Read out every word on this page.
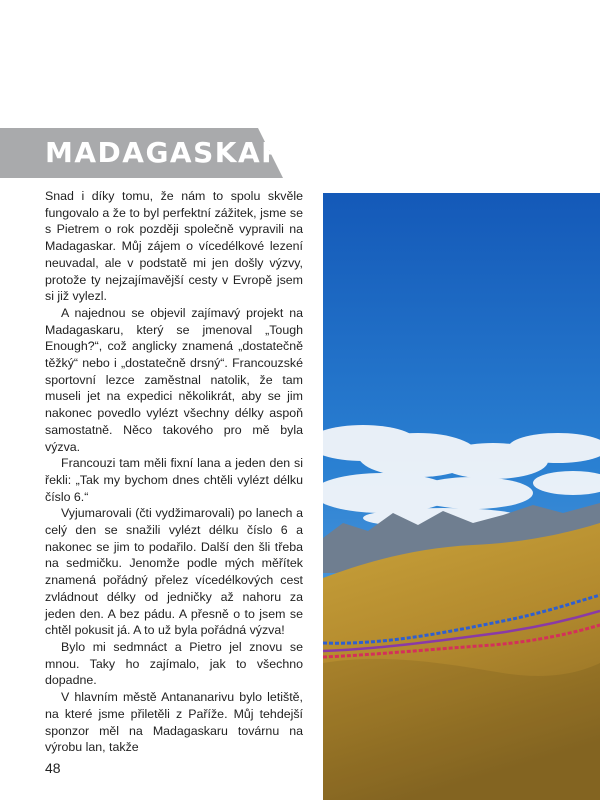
MADAGASKAR

Snad i díky tomu, že nám to spolu skvěle fungovalo a že to byl perfektní zážitek, jsme se s Pietrem o rok později společně vypravili na Madagaskar. Můj zájem o vícedélkové lezení neuvadal, ale v podstatě mi jen došly výzvy, protože ty nejzajímavější cesty v Evropě jsem si již vylezl.

A najednou se objevil zajímavý projekt na Madagaskaru, který se jmenoval „Tough Enough?“, což anglicky znamená „dostatečně těžký“ nebo i „dostatečně drsný“. Francouzské sportovní lezce zaměstnal natolik, že tam museli jet na expedici několikrát, aby se jim nakonec povedlo vylézt všechny délky aspoň samostatně. Něco takového pro mě byla výzva.

Francouzi tam měli fixní lana a jeden den si řekli: „Tak my bychom dnes chtěli vylézt délku číslo 6.“

Vyjumarovali (čti vydžimarovali) po lanech a celý den se snažili vylézt délku číslo 6 a nakonec se jim to podařilo. Další den šli třeba na sedmičku. Jenomže podle mých měřítek znamená pořádný přelez vícedélkových cest zvládnout délky od jedničky až nahoru za jeden den. A bez pádu. A přesně o to jsem se chtěl pokusit já. A to už byla pořádná výzva!

Bylo mi sedmnáct a Pietro jel znovu se mnou. Taky ho zajímalo, jak to všechno dopadne.

V hlavním městě Antananarivu bylo letiště, na které jsme přiletěli z Paříže. Můj tehdejší sponzor měl na Madagaskaru továrnu na výrobu lan, takže

48
